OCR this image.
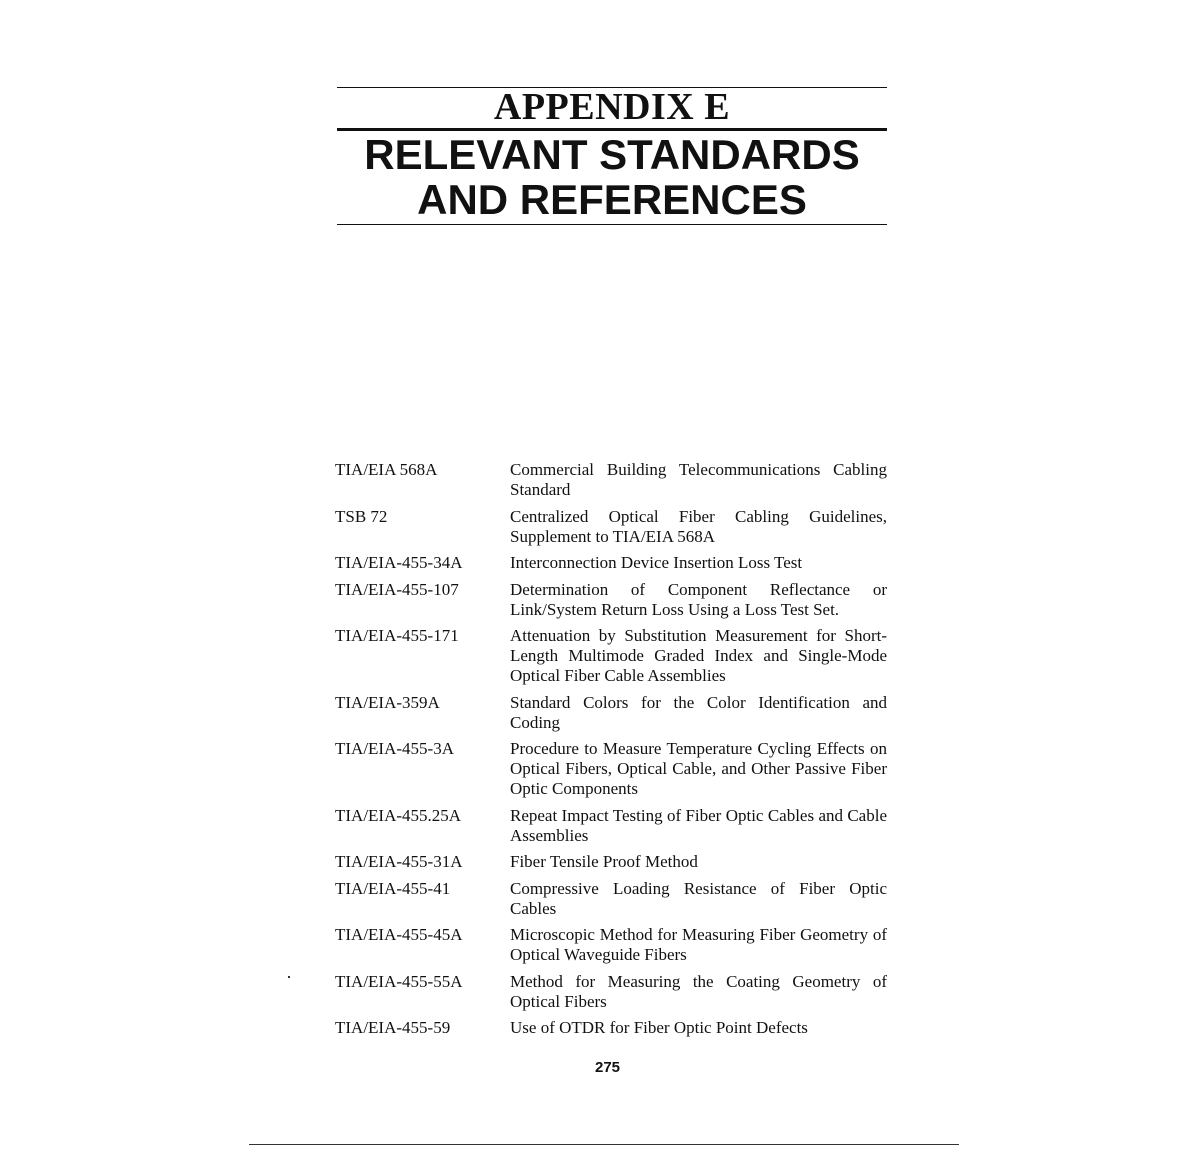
APPENDIX E
RELEVANT STANDARDS
AND REFERENCES
TIA/EIA 568A	Commercial Building Telecommunications Cabling Standard
TSB 72	Centralized Optical Fiber Cabling Guidelines, Supplement to TIA/EIA 568A
TIA/EIA-455-34A	Interconnection Device Insertion Loss Test
TIA/EIA-455-107	Determination of Component Reflectance or Link/System Return Loss Using a Loss Test Set.
TIA/EIA-455-171	Attenuation by Substitution Measurement for Short-Length Multimode Graded Index and Single-Mode Optical Fiber Cable Assemblies
TIA/EIA-359A	Standard Colors for the Color Identification and Coding
TIA/EIA-455-3A	Procedure to Measure Temperature Cycling Effects on Optical Fibers, Optical Cable, and Other Passive Fiber Optic Components
TIA/EIA-455.25A	Repeat Impact Testing of Fiber Optic Cables and Cable Assemblies
TIA/EIA-455-31A	Fiber Tensile Proof Method
TIA/EIA-455-41	Compressive Loading Resistance of Fiber Optic Cables
TIA/EIA-455-45A	Microscopic Method for Measuring Fiber Geometry of Optical Waveguide Fibers
TIA/EIA-455-55A	Method for Measuring the Coating Geometry of Optical Fibers
TIA/EIA-455-59	Use of OTDR for Fiber Optic Point Defects
275
